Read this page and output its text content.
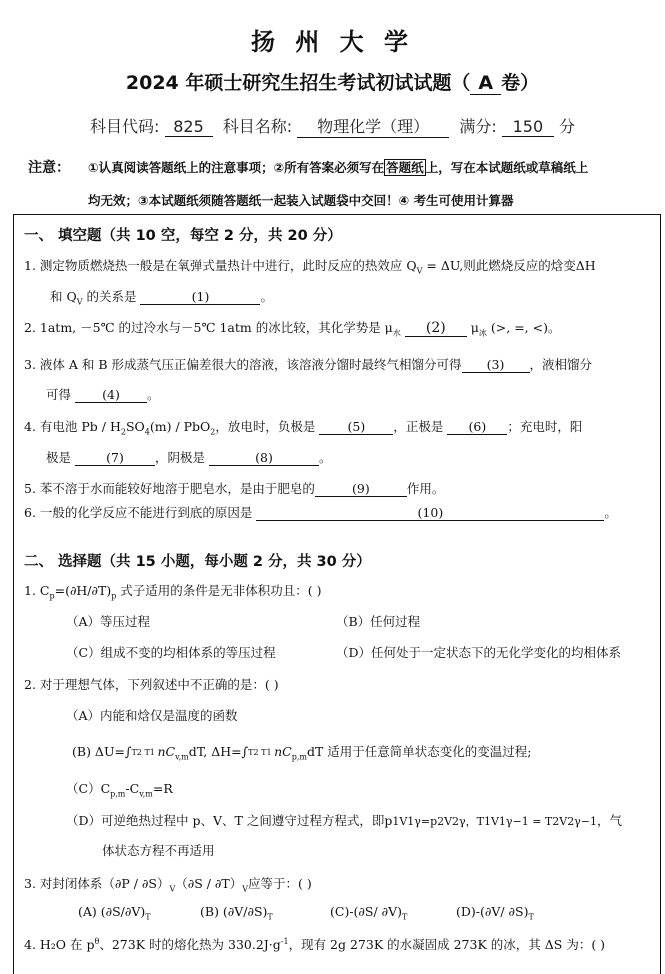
扬 州 大 学
2024 年硕士研究生招生考试初试试题（ A 卷）
科目代码: 825 科目名称: 物理化学（理） 满分: 150 分
注意： ①认真阅读答题纸上的注意事项；②所有答案必须写在 答题纸 上，写在本试题纸或草稿纸上
均无效；③本试题纸须随答题纸一起装入试题袋中交回！④ 考生可使用计算器
一、 填空题（共 10 空，每空 2 分，共 20 分）
1. 测定物质燃烧热一般是在氧弹式量热计中进行，此时反应的热效应 $Q_V = \Delta U$,则此燃烧反应的焓变ΔH
和 $Q_V$ 的关系是	(1)	。
2. 1atm, －5℃ 的过冷水与－5℃ 1atm 的冰比较，其化学势是 $\mu_水$ (2) $\mu_冰$ (>, =, <)。
3. 液体 A 和 B 形成蒸气压正偏差很大的溶液，该溶液分馏时最终气相馏分可得 (3) ，液相馏分
可得 (4) 。
4. 有电池 Pb / $H_2SO_4(m) / PbO_2$，放电时，负极是	(5) ，正极是 (6) ；充电时，阳
极是	(7) ，阴极是	(8)	。
5. 苯不溶于水而能较好地溶于肥皂水，是由于肥皂的	(9)	作用。
6. 一般的化学反应不能进行到底的原因是	(10)	。
二、 选择题（共 15 小题，每小题 2 分，共 30 分）
1. $C_p=(\partial H/\partial T)_p$ 式子适用的条件是无非体积功且：( )
（A）等压过程	（B）任何过程
（C）组成不变的均相体系的等压过程	（D）任何处于一定状态下的无化学变化的均相体系
2. 对于理想气体，下列叙述中不正确的是：( )
（A）内能和焓仅是温度的函数
(B) ΔU=∫T2 T1 $nC_{v,m}dT$, ΔH=∫T2 T1 $nC_{p,m}dT$ 适用于任意简单状态变化的变温过程;
$(C)C_{p,m}-C_{v,m}=R$
（D）可逆绝热过程中 p、V、T 之间遵守过程方程式，即p1V1γ=p2V2γ，T1V1γ−1 = T2V2γ−1，气
体状态方程不再适用
3. 对封闭体系$(\partial P / \partial S)_V(\partial S / \partial T)_V$应等于：( )
(A) $(\partial S/\partial V)_T$	(B) $(\partial V/\partial S)_T$	(C)-(∂S/ $\partial V)_T$	(D)-(∂V/ $\partial S)_T$
4. H₂O 在 $p^\theta$、273K 时的熔化热为 $330.2J\cdot g^{-1}$，现有 2g 273K 的水凝固成 273K 的冰，其 ΔS 为：( )
